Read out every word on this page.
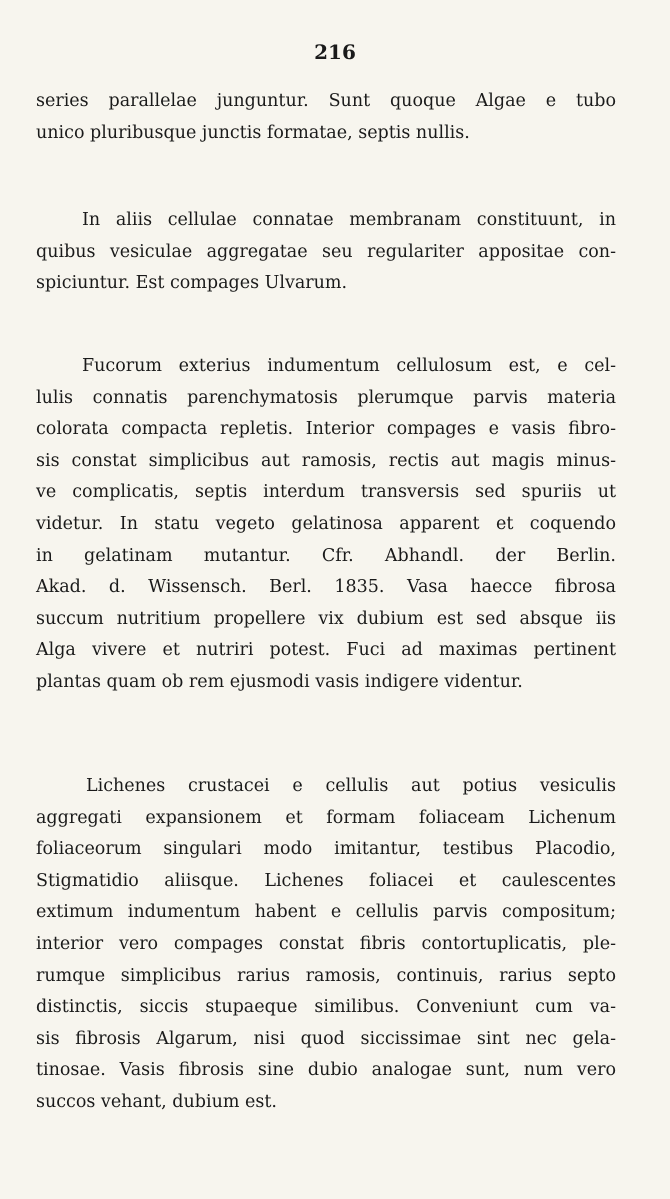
216
series parallelae junguntur. Sunt quoque Algae e tubo
unico pluribusque junctis formatae, septis nullis.
In aliis cellulae connatae membranam constituunt, in
quibus vesiculae aggregatae seu regulariter appositae con-
spiciuntur. Est compages Ulvarum.
Fucorum exterius indumentum cellulosum est, e cel-
lulis connatis parenchymatosis plerumque parvis materia
colorata compacta repletis. Interior compages e vasis fibro-
sis constat simplicibus aut ramosis, rectis aut magis minus-
ve complicatis, septis interdum transversis sed spuriis ut
videtur. In statu vegeto gelatinosa apparent et coquendo
in gelatinam mutantur. Cfr. Abhandl. der Berlin.
Akad. d. Wissensch. Berl. 1835. Vasa haecce fibrosa
succum nutritium propellere vix dubium est sed absque iis
Alga vivere et nutriri potest. Fuci ad maximas pertinent
plantas quam ob rem ejusmodi vasis indigere videntur.
Lichenes crustacei e cellulis aut potius vesiculis
aggregati expansionem et formam foliaceam Lichenum
foliaceorum singulari modo imitantur, testibus Placodio,
Stigmatidio aliisque. Lichenes foliacei et caulescentes
extimum indumentum habent e cellulis parvis compositum;
interior vero compages constat fibris contortuplicatis, ple-
rumque simplicibus rarius ramosis, continuis, rarius septo
distinctis, siccis stupaeque similibus. Conveniunt cum va-
sis fibrosis Algarum, nisi quod siccissimae sint nec gela-
tinosae. Vasis fibrosis sine dubio analogae sunt, num vero
succos vehant, dubium est.
